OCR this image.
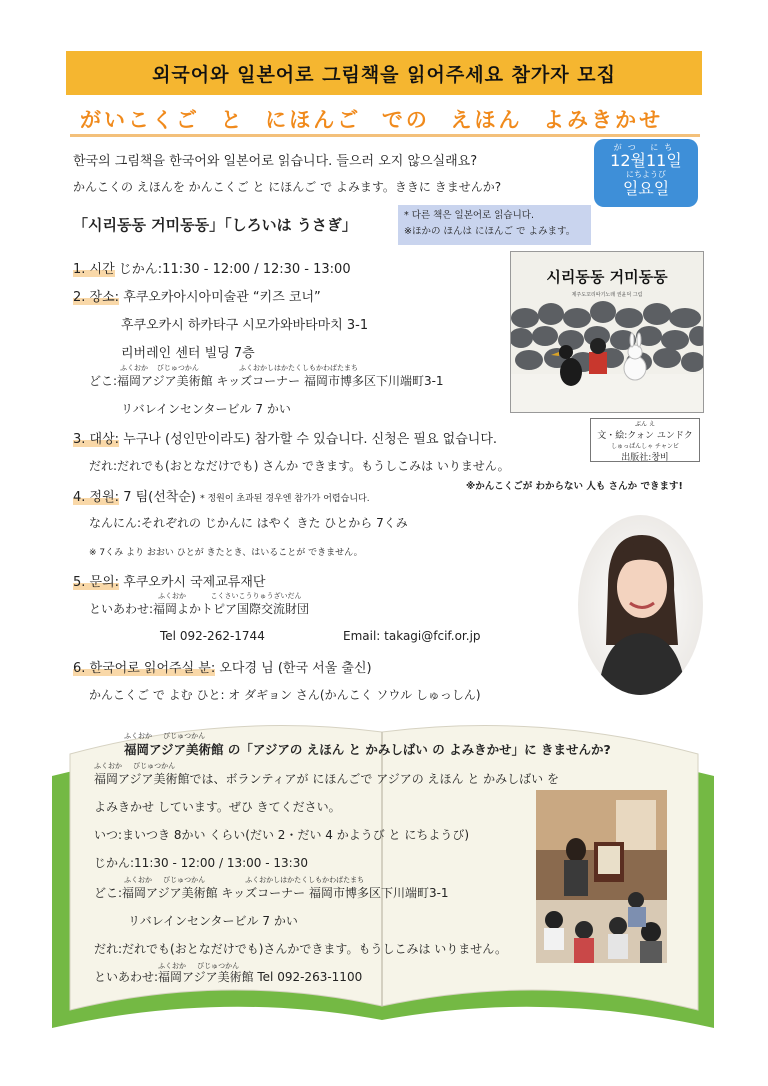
외국어와 일본어로 그림책을 읽어주세요 참가자 모집
がいこくご  と  にほんご  での  えほん  よみきかせ
한국의 그림책을 한국어와 일본어로 읽습니다. 들으러 오지 않으실래요?
かんこくの えほんを かんこくご と にほんご で よみます。ききに きませんか?
がつ にち
12월11일
にちようび
일요일
「시리동동 거미동동」「しろいは うさぎ」
* 다른 책은 일본어로 읽습니다.
※ほかの ほんは にほんご で よみます。
1. 시간 じかん:11:30 - 12:00 / 12:30 - 13:00
2. 장소: 후쿠오카아시아미술관 “키즈 코너”
후쿠오카시 하카타구 시모가와바타마치 3-1
리버레인 센터 빌딩 7층
ふくおか    びじゅつかん                  ふくおかしはかたくしもかわばたまち
どこ:福岡アジア美術館 キッズコーナー 福岡市博多区下川端町3-1
リバレインセンタービル 7 かい
3. 대상: 누구나 (성인만이라도) 참가할 수 있습니다. 신청은 필요 없습니다.
だれ:だれでも(おとなだけでも) さんか できます。もうしこみは いりません。
4. 정원: 7 팀(선착순) * 정원이 초과된 경우엔 참가가 어렵습니다.
なんにん:それぞれの じかんに はやく きた ひとから 7くみ
※ 7くみ より おおい ひとが きたとき、はいることが できません。
5. 문의: 후쿠오카시 국제교류재단
ふくおか           こくさいこうりゅうざいだん
といあわせ:福岡よかトピア国際交流財団
Tel 092-262-1744	Email: takagi@fcif.or.jp
6. 한국어로 읽어주실 분: 오다경 님 (한국 서울 출신)
かんこくご で よむ ひと: オ ダギョン さん(かんこく ソウル しゅっしん)
시리동동 거미동동
제주도꼬리따기노래 권윤덕 그림
ぶん え
文・絵:クォン ユンドク
しゅっぱんしゃ チャンビ
出版社:창비
※かんこくごが わからない 人も さんか できます!
ふくおか     びじゅつかん
福岡アジア美術館 の「アジアの えほん と かみしばい の よみきかせ」に きませんか?
ふくおか     びじゅつかん
福岡アジア美術館では、ボランティアが にほんごで アジアの えほん と かみしばい を
よみきかせ しています。ぜひ きてください。
いつ:まいつき 8かい くらい(だい 2・だい 4 かようび と にちようび)
じかん:11:30 - 12:00 / 13:00 - 13:30
ふくおか     びじゅつかん                  ふくおかしはかたくしもかわばたまち
どこ:福岡アジア美術館 キッズコーナー 福岡市博多区下川端町3-1
リバレインセンタービル 7 かい
だれ:だれでも(おとなだけでも)さんかできます。もうしこみは いりません。
ふくおか     びじゅつかん
といあわせ:福岡アジア美術館 Tel 092-263-1100
